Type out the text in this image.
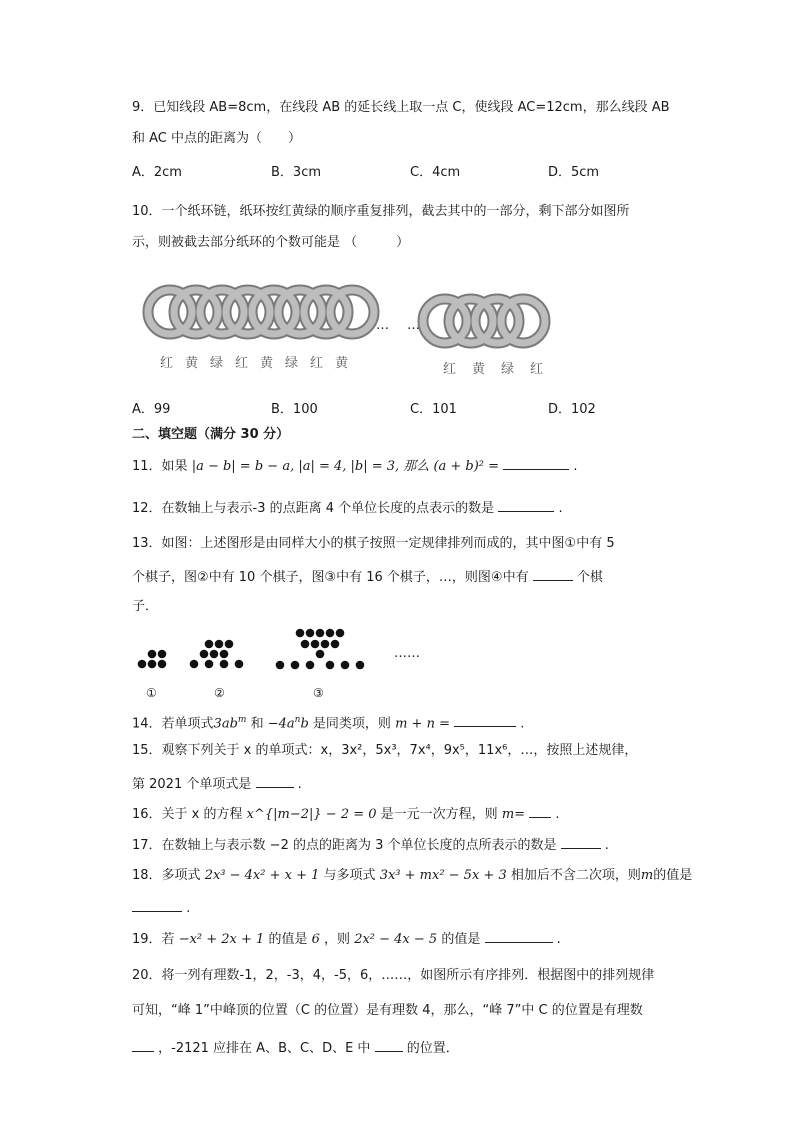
9．已知线段 AB=8cm，在线段 AB 的延长线上取一点 C，使线段 AC=12cm，那么线段 AB
和 AC 中点的距离为（　　）
A．2cm	B．3cm	C．4cm	D．5cm
10．一个纸环链，纸环按红黄绿的顺序重复排列，截去其中的一部分，剩下部分如图所
示，则被截去部分纸环的个数可能是 （　　　）
… …
红黄绿红黄绿红黄	红黄绿红
A．99	B．100	C．101	D．102
二、填空题（满分 30 分）
11．如果 |a − b| = b − a, |a| = 4, |b| = 3, 那么 (a + b)² =	.
12．在数轴上与表示-3 的点距离 4 个单位长度的点表示的数是	.
13．如图：上述图形是由同样大小的棋子按照一定规律排列而成的，其中图①中有 5
个棋子，图②中有 10 个棋子，图③中有 16 个棋子，…，则图④中有	个棋
子．
……
①	②	③
14．若单项式$3ab^m$ 和 $-4a^nb$ 是同类项，则 m + n =	.
15．观察下列关于 x 的单项式：x，3x²，5x³，7x⁴，9x⁵，11x⁶，…，按照上述规律，
第 2021 个单项式是	.
16．关于 x 的方程 x^{|m−2|} − 2 = 0 是一元一次方程，则 m= .
17．在数轴上与表示数 −2 的点的距离为 3 个单位长度的点所表示的数是	.
18．多项式 2x³ − 4x² + x + 1 与多项式 3x³ + mx² − 5x + 3 相加后不含二次项，则m的值是
.
19．若 −x² + 2x + 1 的值是 6 ，则 2x² − 4x − 5 的值是	.
20．将一列有理数-1，2，-3，4，-5，6，……，如图所示有序排列．根据图中的排列规律
可知，“峰 1”中峰顶的位置（C 的位置）是有理数 4，那么，“峰 7”中 C 的位置是有理数
，-2121 应排在 A、B、C、D、E 中	的位置．
